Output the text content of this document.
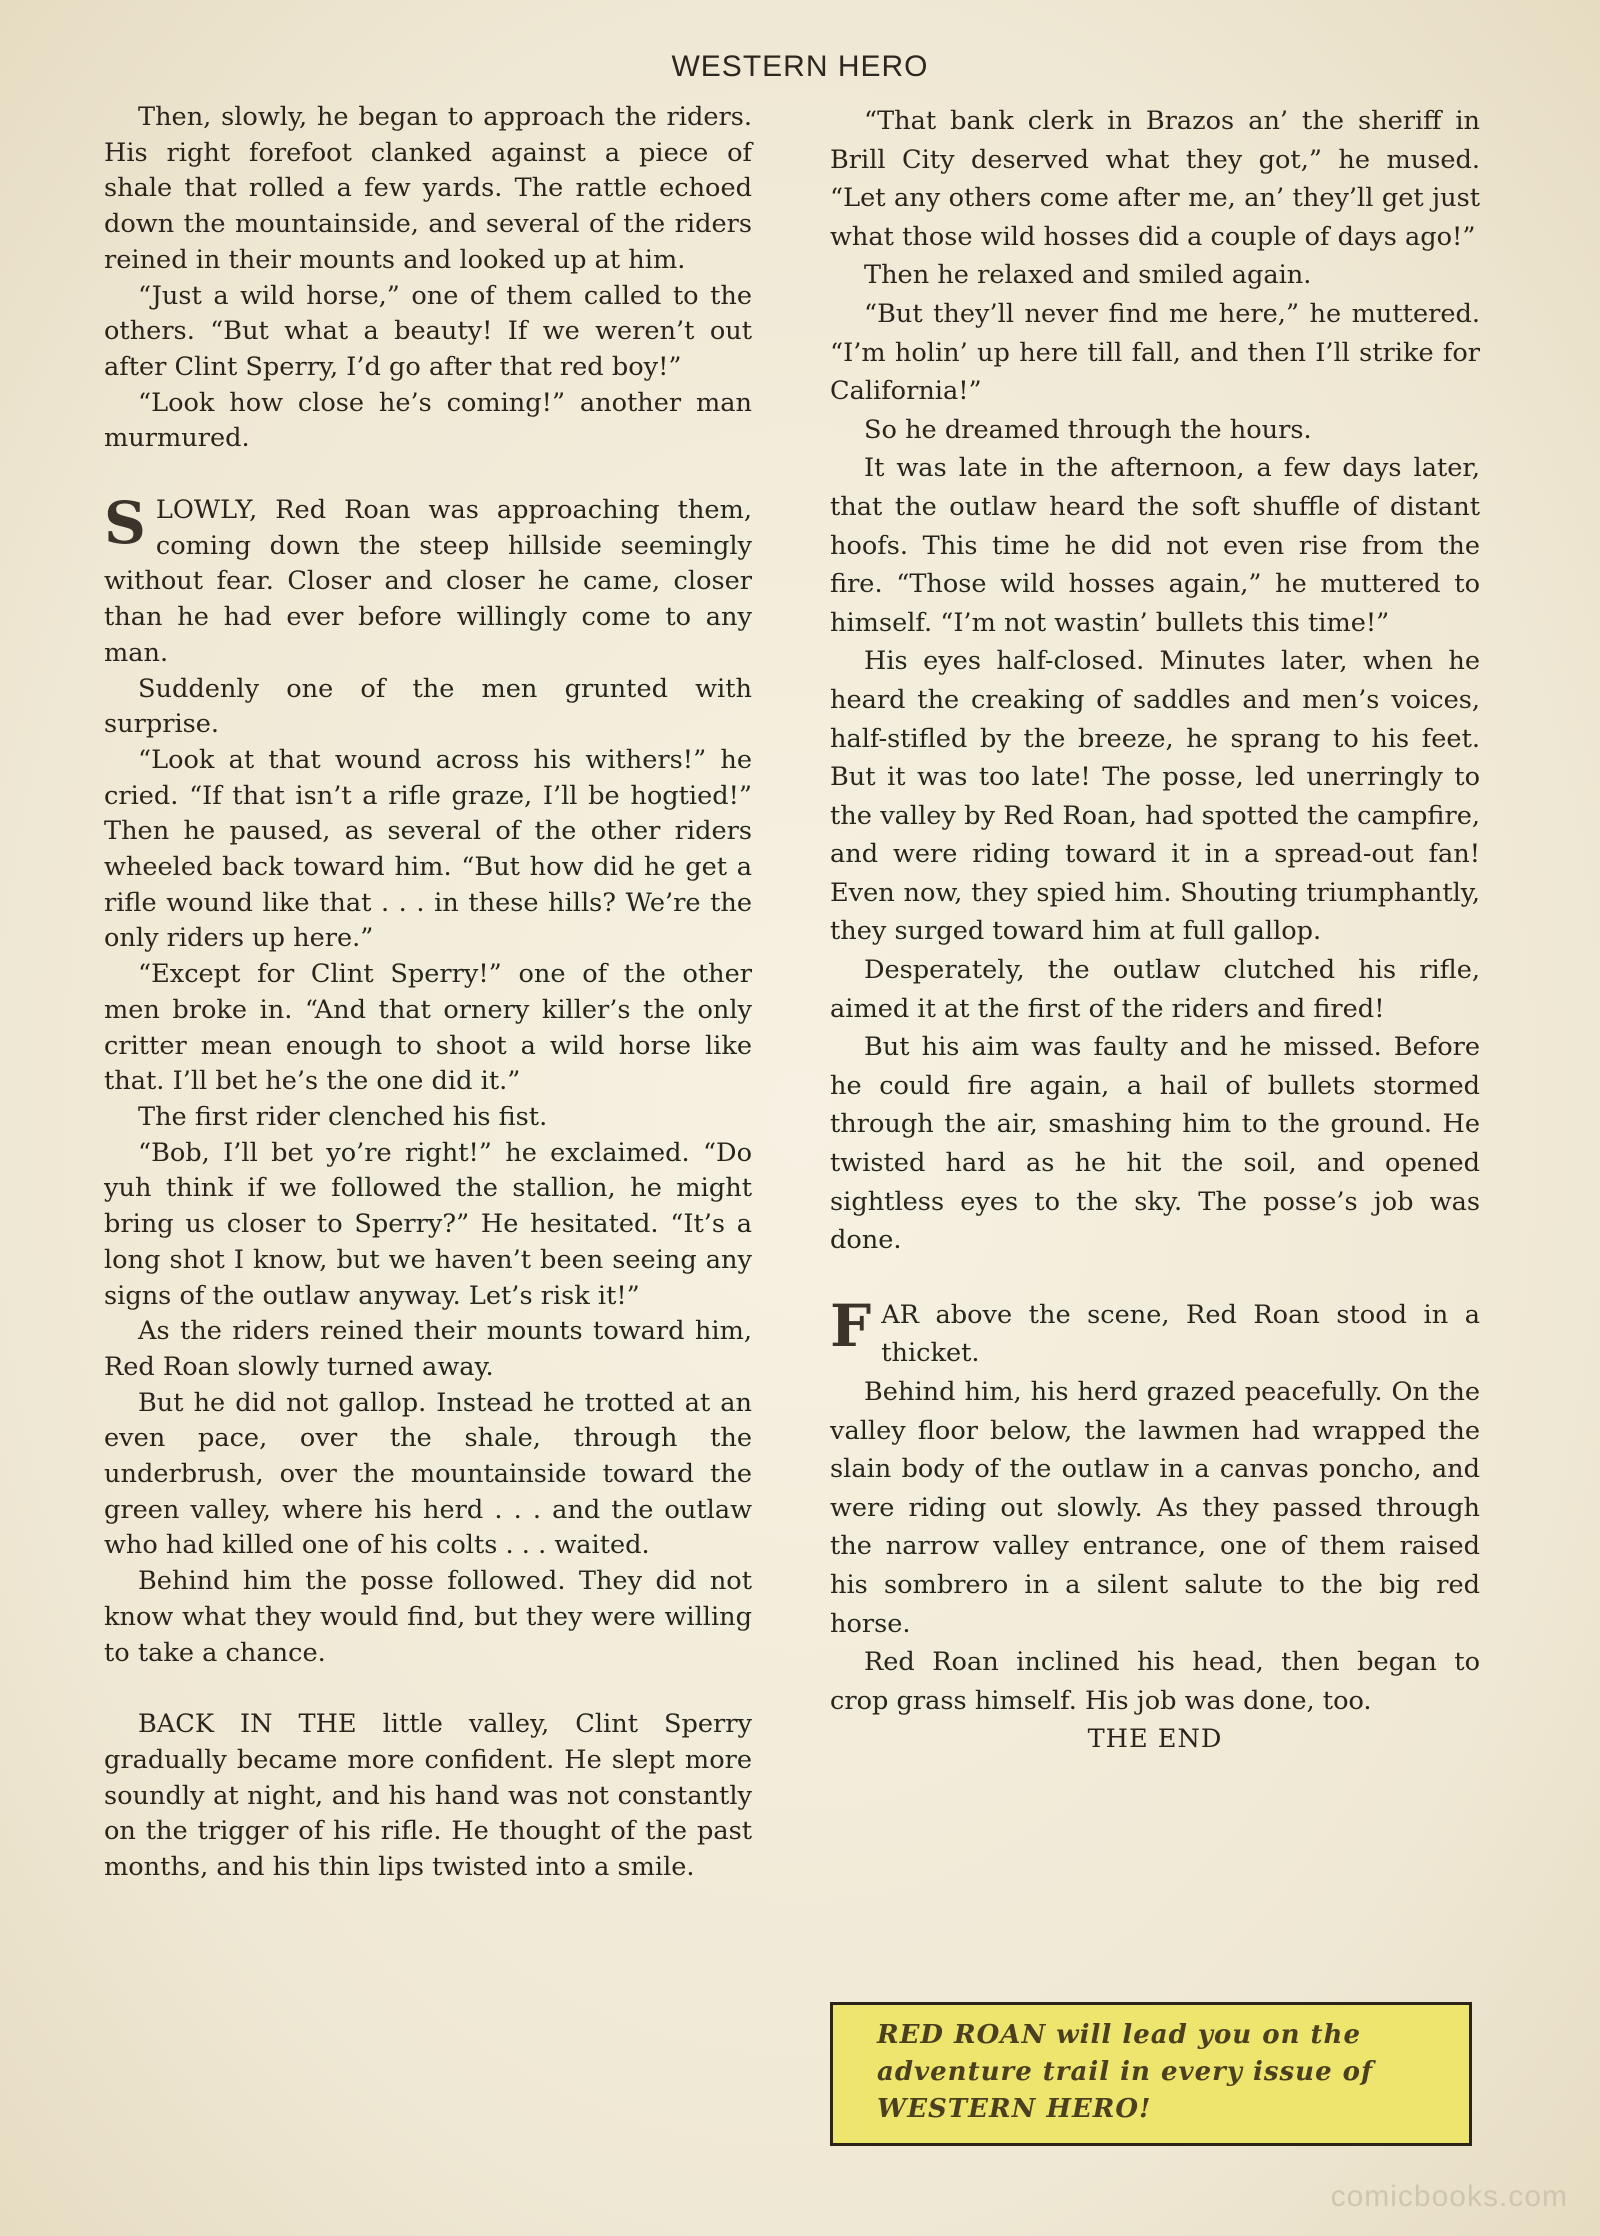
WESTERN HERO

Then, slowly, he began to approach the riders. His right forefoot clanked against a piece of shale that rolled a few yards. The rattle echoed down the mountainside, and several of the riders reined in their mounts and looked up at him.

“Just a wild horse,” one of them called to the others. “But what a beauty! If we weren’t out after Clint Sperry, I’d go after that red boy!”

“Look how close he’s coming!” another man murmured.

SLOWLY, Red Roan was approaching them, coming down the steep hillside seemingly without fear. Closer and closer he came, closer than he had ever before willingly come to any man.

Suddenly one of the men grunted with surprise.

“Look at that wound across his withers!” he cried. “If that isn’t a rifle graze, I’ll be hogtied!” Then he paused, as several of the other riders wheeled back toward him. “But how did he get a rifle wound like that . . . in these hills? We’re the only riders up here.”

“Except for Clint Sperry!” one of the other men broke in. “And that ornery killer’s the only critter mean enough to shoot a wild horse like that. I’ll bet he’s the one did it.”

The first rider clenched his fist.

“Bob, I’ll bet yo’re right!” he exclaimed. “Do yuh think if we followed the stallion, he might bring us closer to Sperry?” He hesitated. “It’s a long shot I know, but we haven’t been seeing any signs of the outlaw anyway. Let’s risk it!”

As the riders reined their mounts toward him, Red Roan slowly turned away.

But he did not gallop. Instead he trotted at an even pace, over the shale, through the underbrush, over the mountainside toward the green valley, where his herd . . . and the outlaw who had killed one of his colts . . . waited.

Behind him the posse followed. They did not know what they would find, but they were willing to take a chance.

BACK IN THE little valley, Clint Sperry gradually became more confident. He slept more soundly at night, and his hand was not constantly on the trigger of his rifle. He thought of the past months, and his thin lips twisted into a smile.

“That bank clerk in Brazos an’ the sheriff in Brill City deserved what they got,” he mused. “Let any others come after me, an’ they’ll get just what those wild hosses did a couple of days ago!”

Then he relaxed and smiled again.

“But they’ll never find me here,” he muttered. “I’m holin’ up here till fall, and then I’ll strike for California!”

So he dreamed through the hours.

It was late in the afternoon, a few days later, that the outlaw heard the soft shuffle of distant hoofs. This time he did not even rise from the fire. “Those wild hosses again,” he muttered to himself. “I’m not wastin’ bullets this time!”

His eyes half-closed. Minutes later, when he heard the creaking of saddles and men’s voices, half-stifled by the breeze, he sprang to his feet. But it was too late! The posse, led unerringly to the valley by Red Roan, had spotted the campfire, and were riding toward it in a spread-out fan! Even now, they spied him. Shouting triumphantly, they surged toward him at full gallop.

Desperately, the outlaw clutched his rifle, aimed it at the first of the riders and fired!

But his aim was faulty and he missed. Before he could fire again, a hail of bullets stormed through the air, smashing him to the ground. He twisted hard as he hit the soil, and opened sightless eyes to the sky. The posse’s job was done.

FAR above the scene, Red Roan stood in a thicket.

Behind him, his herd grazed peacefully. On the valley floor below, the lawmen had wrapped the slain body of the outlaw in a canvas poncho, and were riding out slowly. As they passed through the narrow valley entrance, one of them raised his sombrero in a silent salute to the big red horse.

Red Roan inclined his head, then began to crop grass himself. His job was done, too.

THE END

RED ROAN will lead you on the adventure trail in every issue of WESTERN HERO!
comicbooks.com
